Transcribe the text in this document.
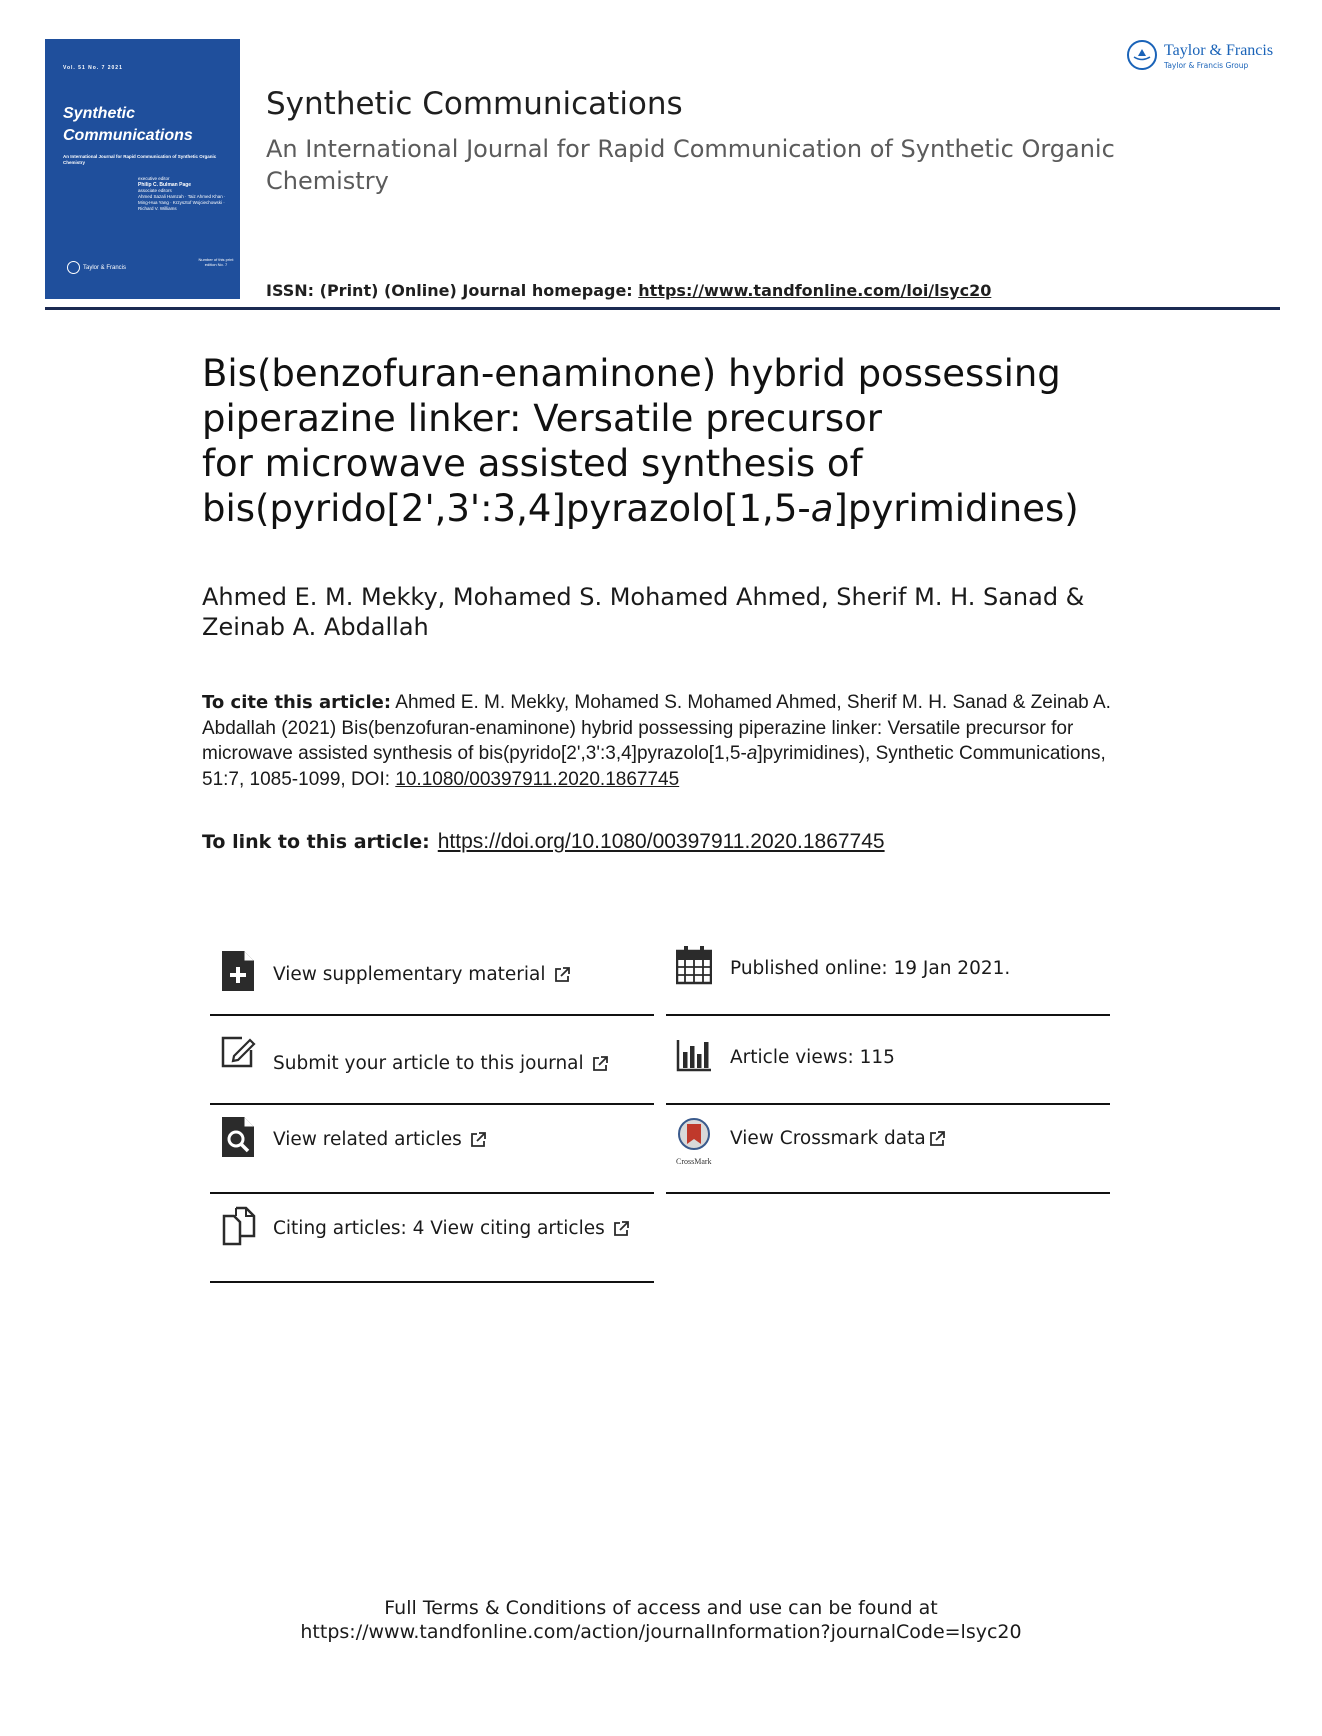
Vol. 51 No. 7 2021
Synthetic
Communications
An International Journal for Rapid Communication of Synthetic Organic Chemistry
executive editor
Philip C. Bulman Page
associate editors
Ahmed Sazali Hamzah · Taiz Ahmed Khan · Ming-Hua Yang · Krzysztof Wojciechowski · Richard V. Williams
Taylor & Francis
Number of this print edition No. 7
Taylor & Francis
Taylor & Francis Group
Synthetic Communications
An International Journal for Rapid Communication of Synthetic Organic Chemistry
ISSN: (Print) (Online) Journal homepage: https://www.tandfonline.com/loi/lsyc20
Bis(benzofuran-enaminone) hybrid possessing
piperazine linker: Versatile precursor
for microwave assisted synthesis of
bis(pyrido[2',3':3,4]pyrazolo[1,5-a]pyrimidines)
Ahmed E. M. Mekky, Mohamed S. Mohamed Ahmed, Sherif M. H. Sanad & Zeinab A. Abdallah
To cite this article: Ahmed E. M. Mekky, Mohamed S. Mohamed Ahmed, Sherif M. H. Sanad & Zeinab A. Abdallah (2021) Bis(benzofuran-enaminone) hybrid possessing piperazine linker: Versatile precursor for microwave assisted synthesis of bis(pyrido[2',3':3,4]pyrazolo[1,5-a]pyrimidines), Synthetic Communications, 51:7, 1085-1099, DOI: 10.1080/00397911.2020.1867745
To link to this article: https://doi.org/10.1080/00397911.2020.1867745
View supplementary material	Published online: 19 Jan 2021.
Submit your article to this journal	Article views: 115
View related articles
CrossMark
View Crossmark data
Citing articles: 4 View citing articles
Full Terms & Conditions of access and use can be found at
https://www.tandfonline.com/action/journalInformation?journalCode=lsyc20
